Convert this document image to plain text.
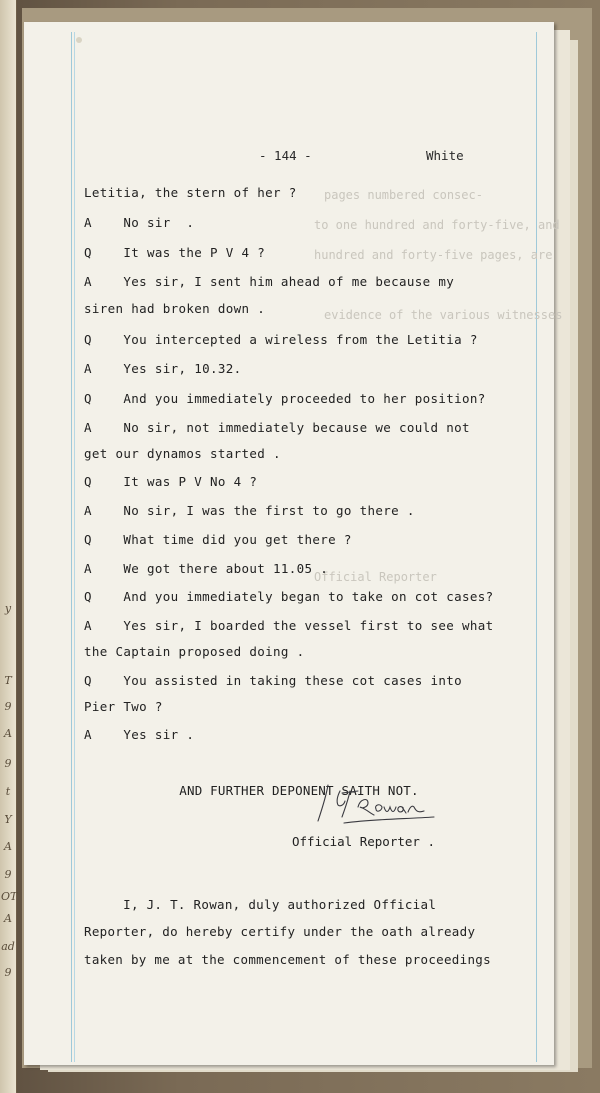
y
T
9
A
9
t
Y
A
9
OT
A
ad
9
pages numbered consec-
to one hundred and forty-five, and
hundred and forty-five pages, are
evidence of the various witnesses
Official Reporter
- 144 -	White
Letitia, the stern of her ?
A    No sir  .
Q    It was the P V 4 ?
A    Yes sir, I sent him ahead of me because my
siren had broken down .
Q    You intercepted a wireless from the Letitia ?
A    Yes sir, 10.32.
Q    And you immediately proceeded to her position?
A    No sir, not immediately because we could not
get our dynamos started .
Q    It was P V No 4 ?
A    No sir, I was the first to go there .
Q    What time did you get there ?
A    We got there about 11.05 .
Q    And you immediately began to take on cot cases?
A    Yes sir, I boarded the vessel first to see what
the Captain proposed doing .
Q    You assisted in taking these cot cases into
Pier Two ?
A    Yes sir .
AND FURTHER DEPONENT SAITH NOT.
Official Reporter .
I, J. T. Rowan, duly authorized Official
Reporter, do hereby certify under the oath already
taken by me at the commencement of these proceedings
